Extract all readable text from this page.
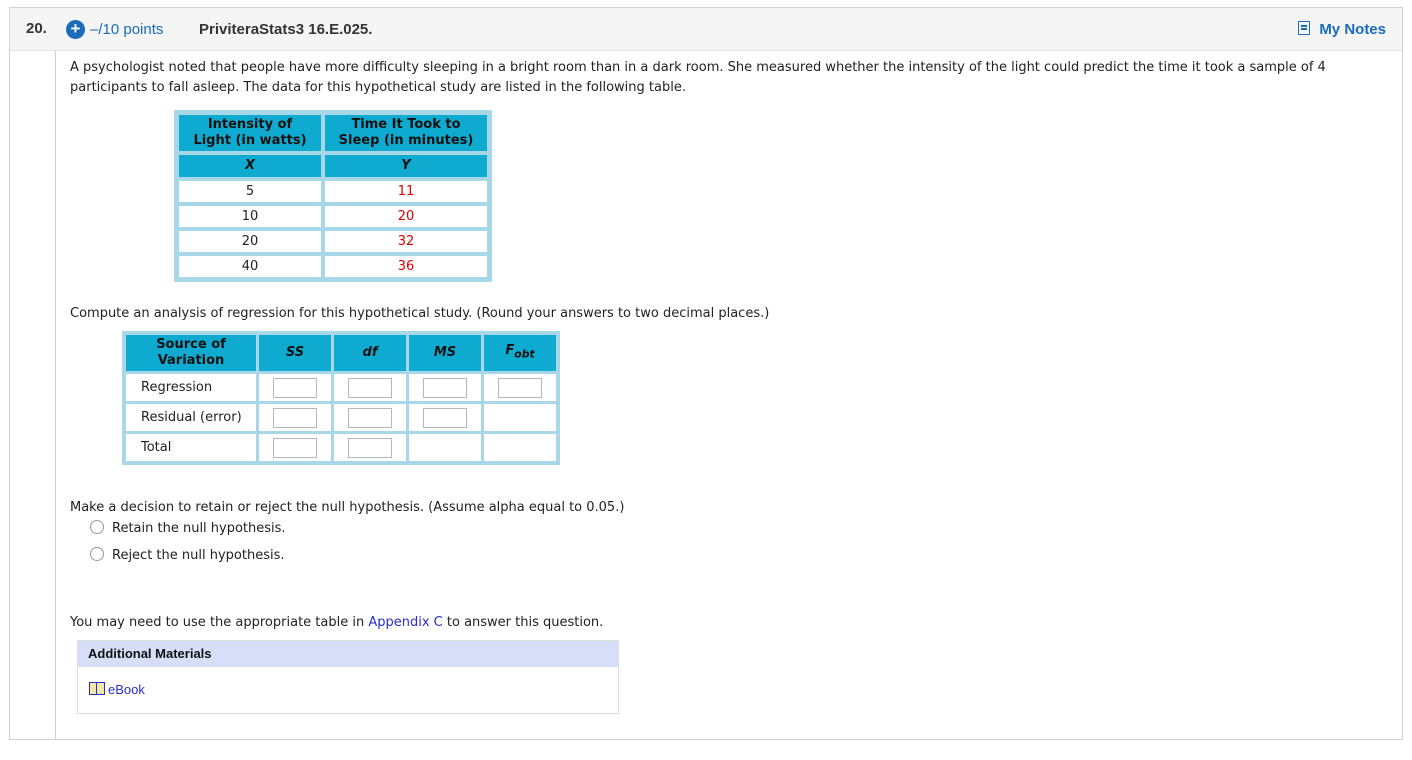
20. + –/10 points PriviteraStats3 16.E.025.	My Notes
A psychologist noted that people have more difficulty sleeping in a bright room than in a dark room. She measured whether the intensity of the light could predict the time it took a sample of 4 participants to fall asleep. The data for this hypothetical study are listed in the following table.
Intensity of
Light (in watts)	Time It Took to
Sleep (in minutes)
X	Y
5	11
10	20
20	32
40	36
Compute an analysis of regression for this hypothetical study. (Round your answers to two decimal places.)
Source of
Variation	SS	df	MS	$F_{obt}$
Regression				
Residual (error)				
Total				
Make a decision to retain or reject the null hypothesis. (Assume alpha equal to 0.05.)
Retain the null hypothesis.
Reject the null hypothesis.
You may need to use the appropriate table in Appendix C to answer this question.
Additional Materials
eBook
